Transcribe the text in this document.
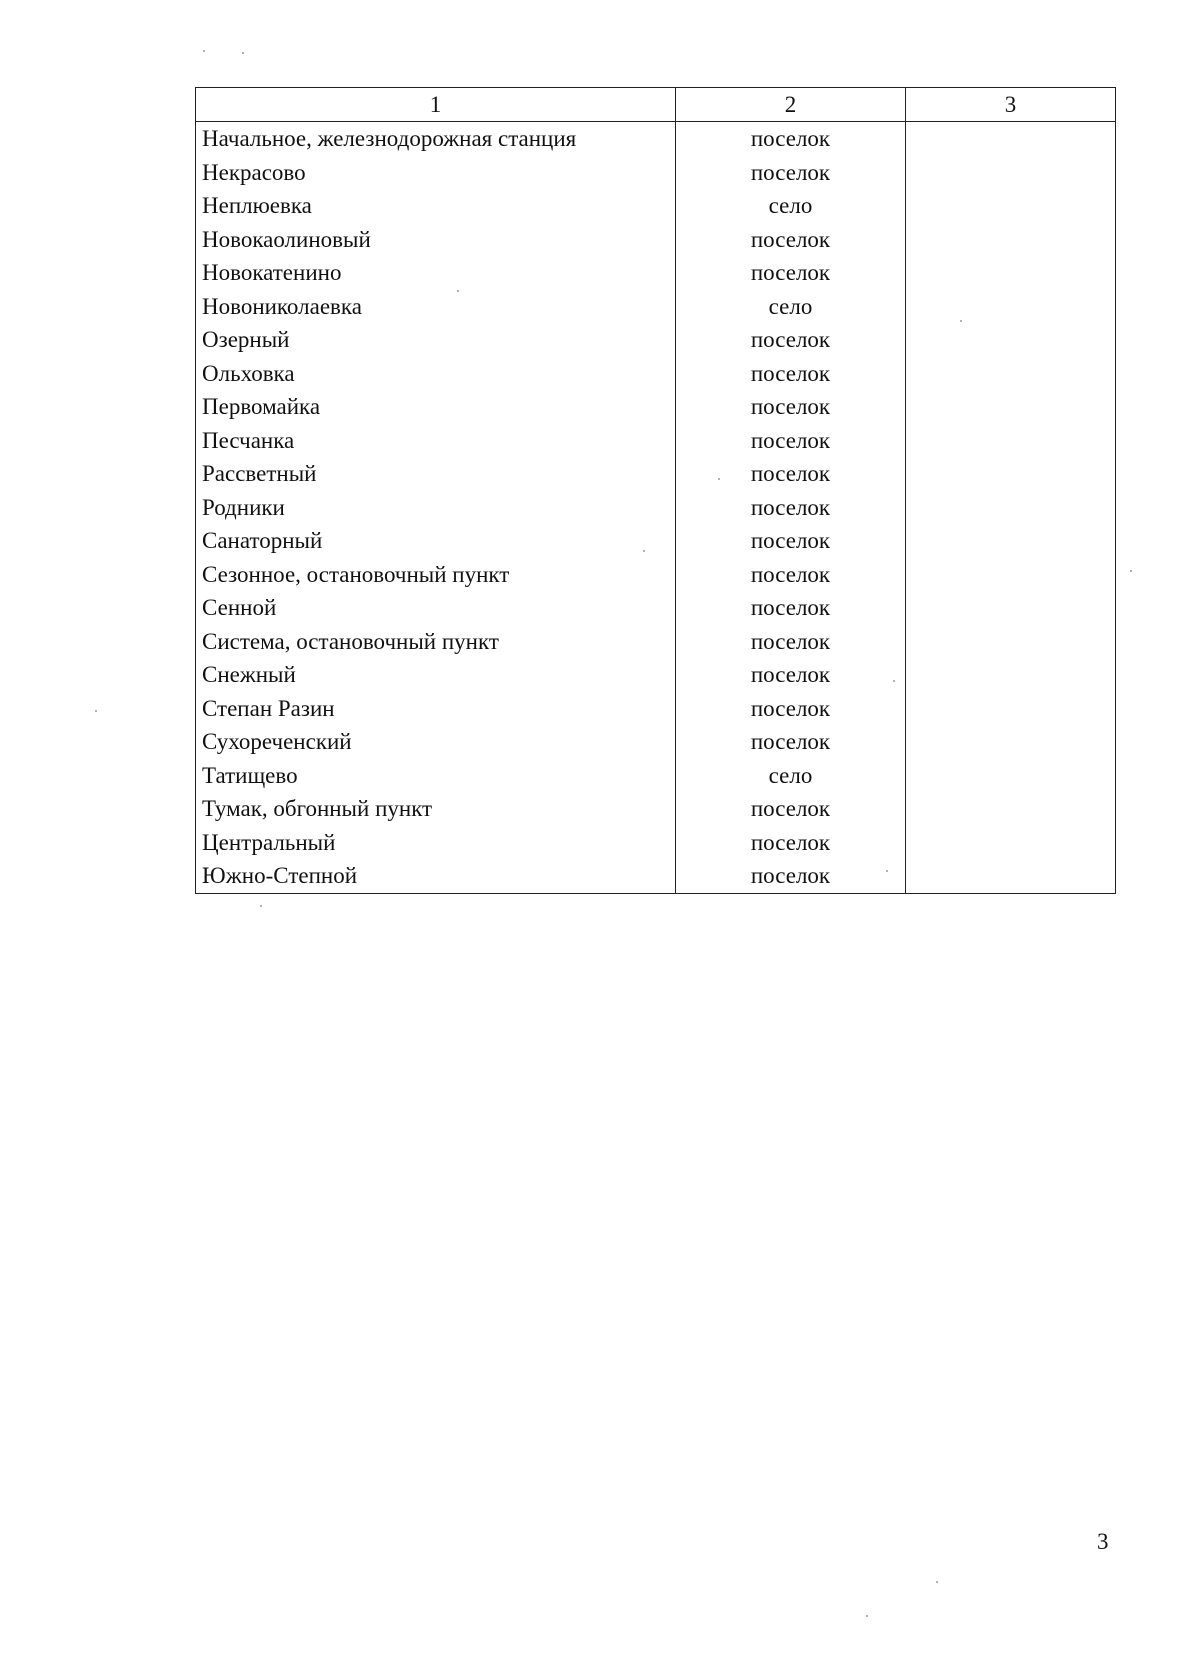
1	2	3
Начальное, железнодорожная станция	поселок	
Некрасово	поселок	
Неплюевка	село	
Новокаолиновый	поселок	
Новокатенино	поселок	
Новониколаевка	село	
Озерный	поселок	
Ольховка	поселок	
Первомайка	поселок	
Песчанка	поселок	
Рассветный	поселок	
Родники	поселок	
Санаторный	поселок	
Сезонное, остановочный пункт	поселок	
Сенной	поселок	
Система, остановочный пункт	поселок	
Снежный	поселок	
Степан Разин	поселок	
Сухореченский	поселок	
Татищево	село	
Тумак, обгонный пункт	поселок	
Центральный	поселок	
Южно-Степной	поселок	
3
